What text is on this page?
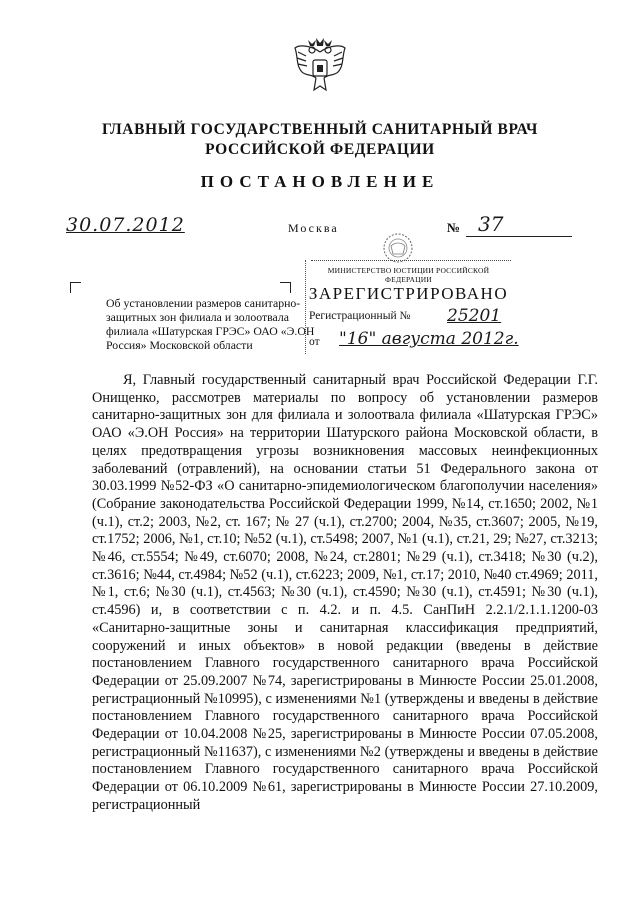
ГЛАВНЫЙ ГОСУДАРСТВЕННЫЙ САНИТАРНЫЙ ВРАЧ
РОССИЙСКОЙ ФЕДЕРАЦИИ
ПОСТАНОВЛЕНИЕ
30.07.2012	Москва	№ 37
МИНИСТЕРСТВО ЮСТИЦИИ РОССИЙСКОЙ ФЕДЕРАЦИИ
ЗАРЕГИСТРИРОВАНО
Регистрационный № 25201
от "16" августа 2012г.
Об установлении размеров санитарно-защитных зон филиала и золоотвала филиала «Шатурская ГРЭС» ОАО «Э.ОН Россия» Московской области

Я, Главный государственный санитарный врач Российской Федерации Г.Г. Онищенко, рассмотрев материалы по вопросу об установлении размеров санитарно-защитных зон для филиала и золоотвала филиала «Шатурская ГРЭС» ОАО «Э.ОН Россия» на территории Шатурского района Московской области, в целях предотвращения угрозы возникновения массовых неинфекционных заболеваний (отравлений), на основании статьи 51 Федерального закона от 30.03.1999 №52-ФЗ «О санитарно-эпидемиологическом благополучии населения» (Собрание законодательства Российской Федерации 1999, №14, ст.1650; 2002, №1 (ч.1), ст.2; 2003, №2, ст. 167; № 27 (ч.1), ст.2700; 2004, №35, ст.3607; 2005, №19, ст.1752; 2006, №1, ст.10; №52 (ч.1), ст.5498; 2007, №1 (ч.1), ст.21, 29; №27, ст.3213; №46, ст.5554; №49, ст.6070; 2008, №24, ст.2801; №29 (ч.1), ст.3418; №30 (ч.2), ст.3616; №44, ст.4984; №52 (ч.1), ст.6223; 2009, №1, ст.17; 2010, №40 ст.4969; 2011, №1, ст.6; №30 (ч.1), ст.4563; №30 (ч.1), ст.4590; №30 (ч.1), ст.4591; №30 (ч.1), ст.4596) и, в соответствии с п. 4.2. и п. 4.5. СанПиН 2.2.1/2.1.1.1200-03 «Санитарно-защитные зоны и санитарная классификация предприятий, сооружений и иных объектов» в новой редакции (введены в действие постановлением Главного государственного санитарного врача Российской Федерации от 25.09.2007 №74, зарегистрированы в Минюсте России 25.01.2008, регистрационный №10995), с изменениями №1 (утверждены и введены в действие постановлением Главного государственного санитарного врача Российской Федерации от 10.04.2008 №25, зарегистрированы в Минюсте России 07.05.2008, регистрационный №11637), с изменениями №2 (утверждены и введены в действие постановлением Главного государственного санитарного врача Российской Федерации от 06.10.2009 №61, зарегистрированы в Минюсте России 27.10.2009, регистрационный
